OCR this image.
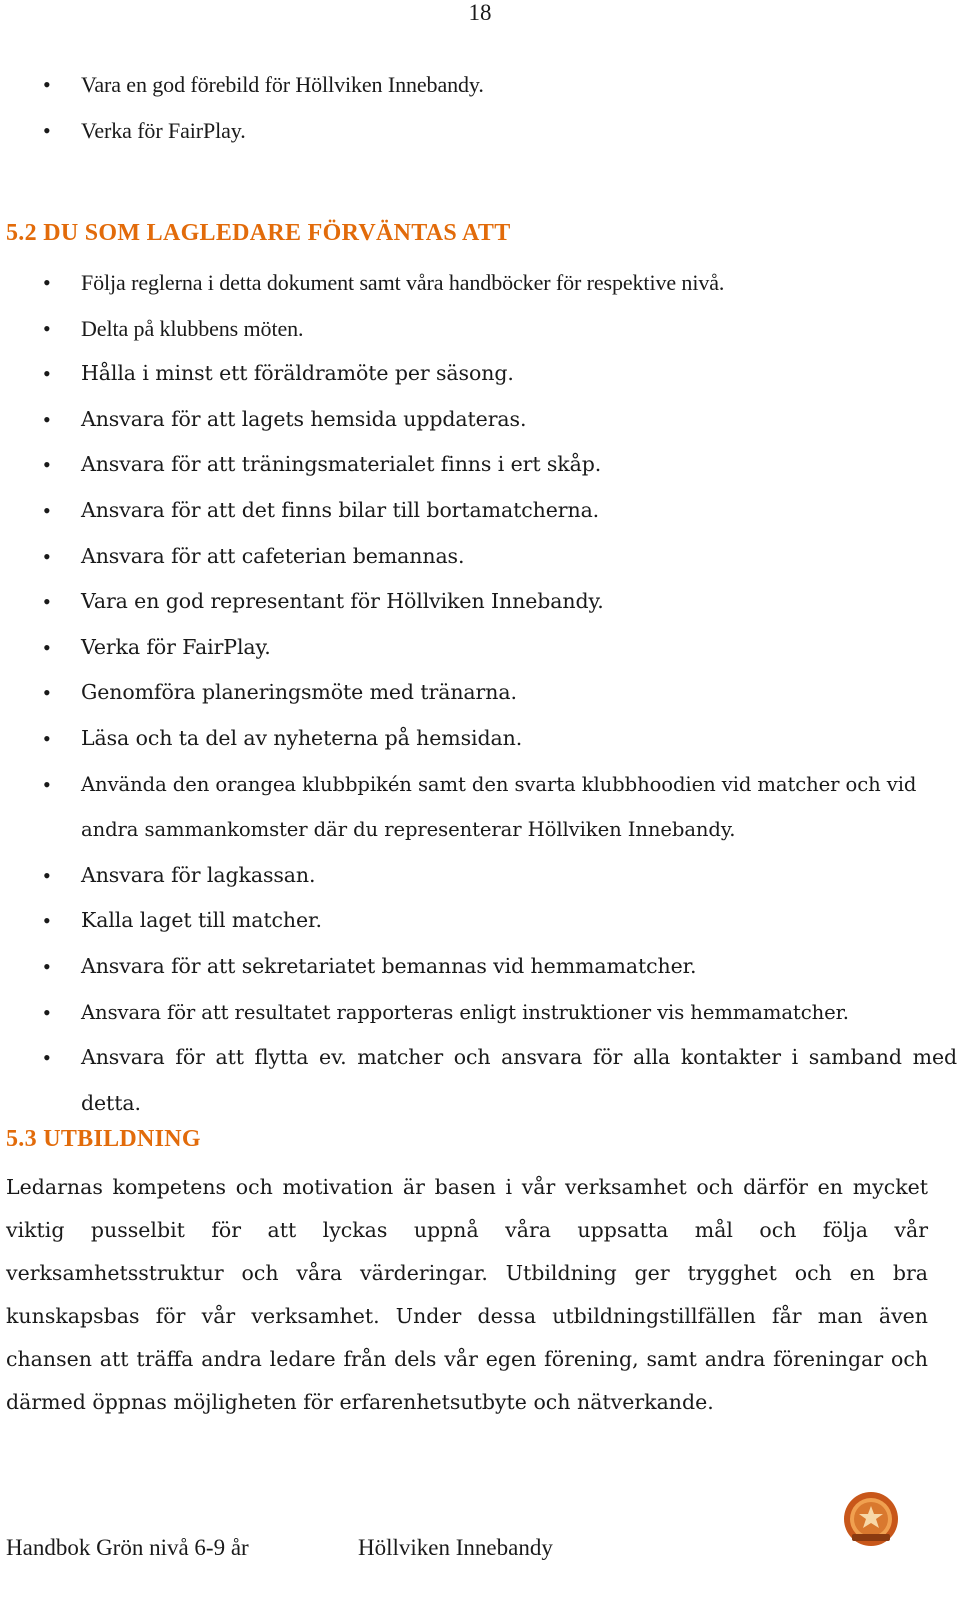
18
• Vara en god förebild för Höllviken Innebandy.
• Verka för FairPlay.
5.2 DU SOM LAGLEDARE FÖRVÄNTAS ATT
• Följa reglerna i detta dokument samt våra handböcker för respektive nivå.
• Delta på klubbens möten.
• Hålla i minst ett föräldramöte per säsong.
• Ansvara för att lagets hemsida uppdateras.
• Ansvara för att träningsmaterialet finns i ert skåp.
• Ansvara för att det finns bilar till bortamatcherna.
• Ansvara för att cafeterian bemannas.
• Vara en god representant för Höllviken Innebandy.
• Verka för FairPlay.
• Genomföra planeringsmöte med tränarna.
• Läsa och ta del av nyheterna på hemsidan.
• Använda den orangea klubbpikén samt den svarta klubbhoodien vid matcher och vid andra sammankomster där du representerar Höllviken Innebandy.
• Ansvara för lagkassan.
• Kalla laget till matcher.
• Ansvara för att sekretariatet bemannas vid hemmamatcher.
• Ansvara för att resultatet rapporteras enligt instruktioner vis hemmamatcher.
• Ansvara för att flytta ev. matcher och ansvara för alla kontakter i samband med detta.
5.3 UTBILDNING

Ledarnas kompetens och motivation är basen i vår verksamhet och därför en mycket viktig pusselbit för att lyckas uppnå våra uppsatta mål och följa vår verksamhetsstruktur och våra värderingar. Utbildning ger trygghet och en bra kunskapsbas för vår verksamhet. Under dessa utbildningstillfällen får man även chansen att träffa andra ledare från dels vår egen förening, samt andra föreningar och därmed öppnas möjligheten för erfarenhetsutbyte och nätverkande.

Handbok Grön nivå 6-9 år	Höllviken Innebandy
